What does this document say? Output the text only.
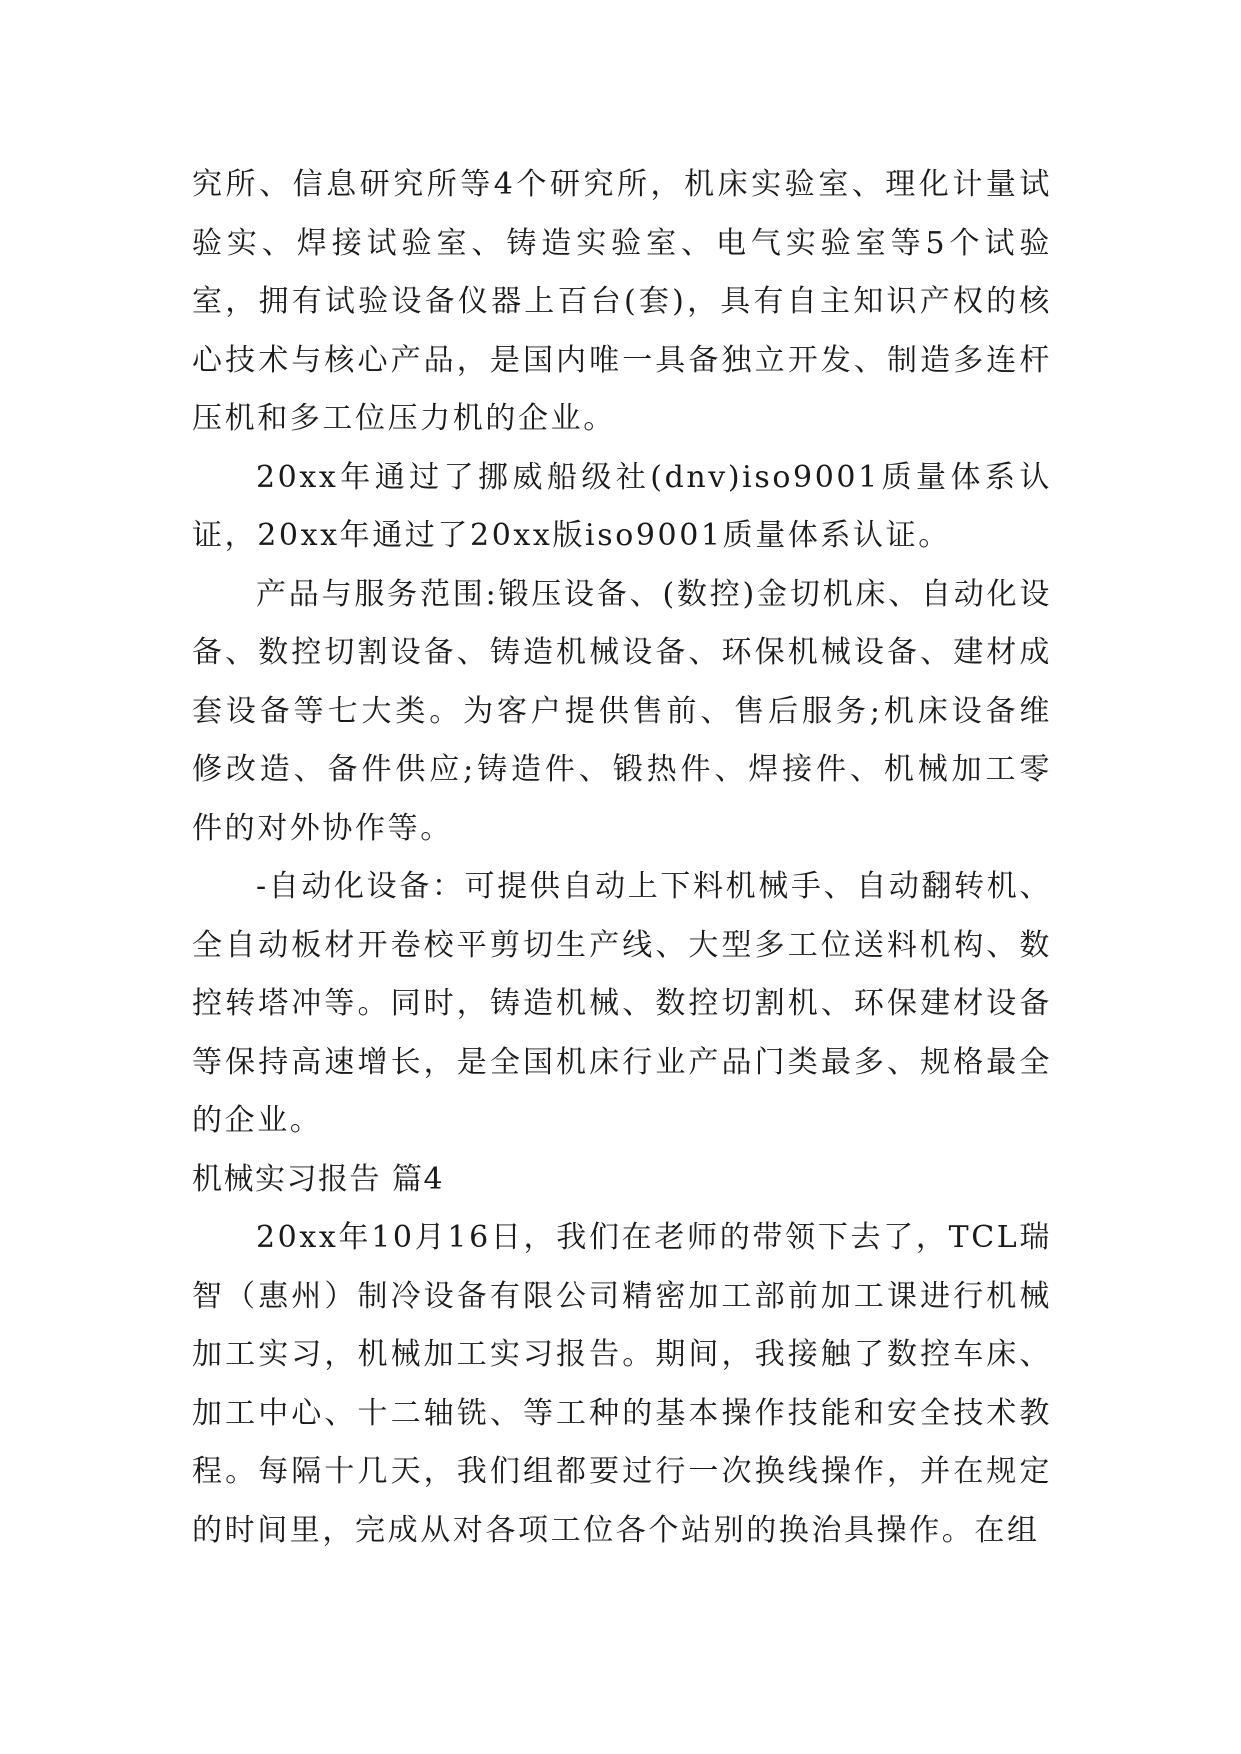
究所、信息研究所等4个研究所，机床实验室、理化计量试验实、焊接试验室、铸造实验室、电气实验室等5个试验室，拥有试验设备仪器上百台(套)，具有自主知识产权的核心技术与核心产品，是国内唯一具备独立开发、制造多连杆压机和多工位压力机的企业。

20xx年通过了挪威船级社(dnv)iso9001质量体系认证，20xx年通过了20xx版iso9001质量体系认证。

产品与服务范围:锻压设备、(数控)金切机床、自动化设备、数控切割设备、铸造机械设备、环保机械设备、建材成套设备等七大类。为客户提供售前、售后服务;机床设备维修改造、备件供应;铸造件、锻热件、焊接件、机械加工零件的对外协作等。

-自动化设备：可提供自动上下料机械手、自动翻转机、全自动板材开卷校平剪切生产线、大型多工位送料机构、数控转塔冲等。同时，铸造机械、数控切割机、环保建材设备等保持高速增长，是全国机床行业产品门类最多、规格最全的企业。

机械实习报告 篇4

20xx年10月16日，我们在老师的带领下去了，TCL瑞智（惠州）制冷设备有限公司精密加工部前加工课进行机械加工实习，机械加工实习报告。期间，我接触了数控车床、加工中心、十二轴铣、等工种的基本操作技能和安全技术教程。每隔十几天，我们组都要过行一次换线操作，并在规定的时间里，完成从对各项工位各个站别的换治具操作。在组
